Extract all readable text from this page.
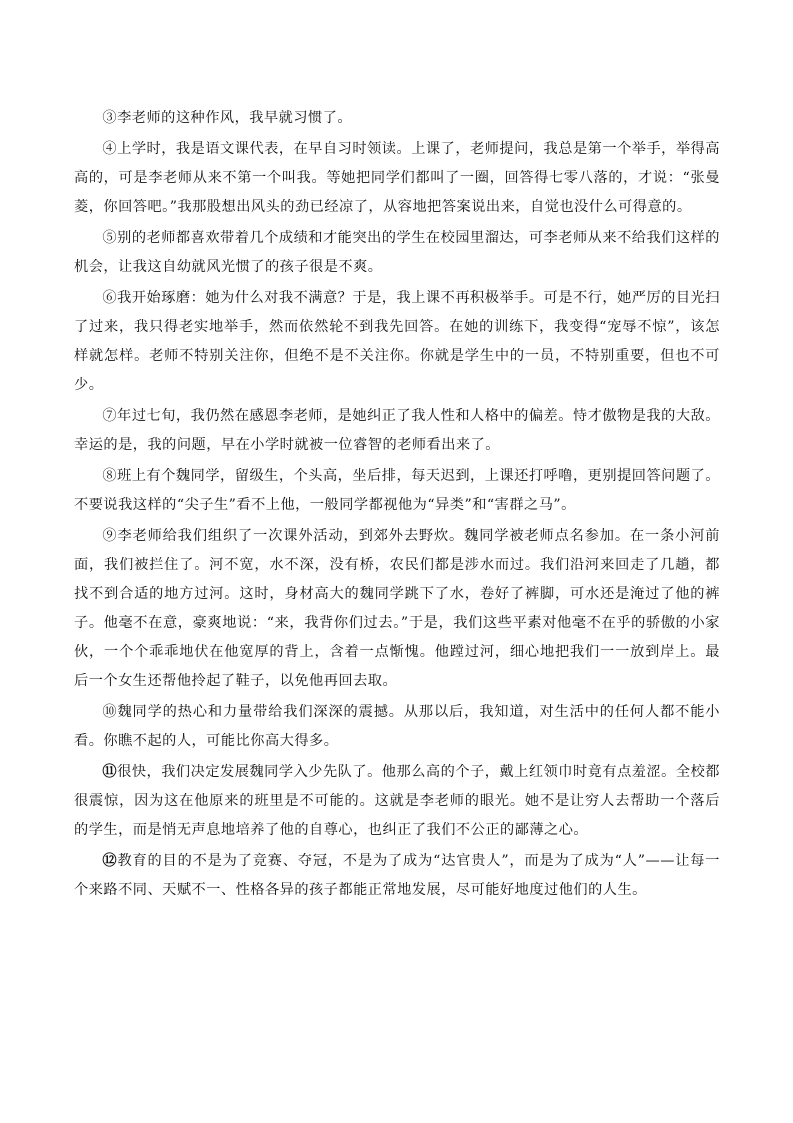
③李老师的这种作风，我早就习惯了。

④上学时，我是语文课代表，在早自习时领读。上课了，老师提问，我总是第一个举手，举得高高的，可是李老师从来不第一个叫我。等她把同学们都叫了一圈，回答得七零八落的，才说：“张曼菱，你回答吧。”我那股想出风头的劲已经凉了，从容地把答案说出来，自觉也没什么可得意的。

⑤别的老师都喜欢带着几个成绩和才能突出的学生在校园里溜达，可李老师从来不给我们这样的机会，让我这自幼就风光惯了的孩子很是不爽。

⑥我开始琢磨：她为什么对我不满意？于是，我上课不再积极举手。可是不行，她严厉的目光扫了过来，我只得老实地举手，然而依然轮不到我先回答。在她的训练下，我变得“宠辱不惊”，该怎样就怎样。老师不特别关注你，但绝不是不关注你。你就是学生中的一员，不特别重要，但也不可少。

⑦年过七旬，我仍然在感恩李老师，是她纠正了我人性和人格中的偏差。恃才傲物是我的大敌。幸运的是，我的问题，早在小学时就被一位睿智的老师看出来了。

⑧班上有个魏同学，留级生，个头高，坐后排，每天迟到，上课还打呼噜，更别提回答问题了。不要说我这样的“尖子生”看不上他，一般同学都视他为“异类”和“害群之马”。

⑨李老师给我们组织了一次课外活动，到郊外去野炊。魏同学被老师点名参加。在一条小河前面，我们被拦住了。河不宽，水不深，没有桥，农民们都是涉水而过。我们沿河来回走了几趟，都找不到合适的地方过河。这时，身材高大的魏同学跳下了水，卷好了裤脚，可水还是淹过了他的裤子。他毫不在意，豪爽地说：“来，我背你们过去。”于是，我们这些平素对他毫不在乎的骄傲的小家伙，一个个乖乖地伏在他宽厚的背上，含着一点惭愧。他蹚过河，细心地把我们一一放到岸上。最后一个女生还帮他拎起了鞋子，以免他再回去取。

⑩魏同学的热心和力量带给我们深深的震撼。从那以后，我知道，对生活中的任何人都不能小看。你瞧不起的人，可能比你高大得多。

⑪很快，我们决定发展魏同学入少先队了。他那么高的个子，戴上红领巾时竟有点羞涩。全校都很震惊，因为这在他原来的班里是不可能的。这就是李老师的眼光。她不是让穷人去帮助一个落后的学生，而是悄无声息地培养了他的自尊心，也纠正了我们不公正的鄙薄之心。

⑫教育的目的不是为了竞赛、夺冠，不是为了成为“达官贵人”，而是为了成为“人”——让每一个来路不同、天赋不一、性格各异的孩子都能正常地发展，尽可能好地度过他们的人生。
